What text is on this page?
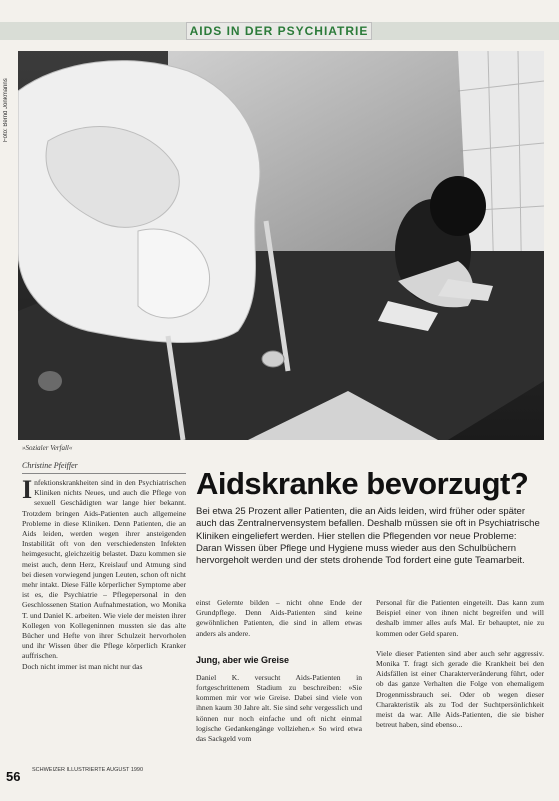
AIDS IN DER PSYCHIATRIE
Foto: Bernd Jonkmanns
»Sozialer Verfall«
Christine Pfeiffer
Aidskranke bevorzugt?
Bei etwa 25 Prozent aller Patienten, die an Aids leiden, wird früher oder später auch das Zentralnervensystem befallen. Deshalb müssen sie oft in Psychiatrische Kliniken eingeliefert werden. Hier stellen die Pflegenden vor neue Probleme: Daran Wissen über Pflege und Hygiene muss wieder aus den Schulbüchern hervorgeholt werden und der stets drohende Tod fordert eine gute Teamarbeit.

Infektionskrankheiten sind in den Psychiatrischen Kliniken nichts Neues, und auch die Pflege von sexuell Geschädigten war lange hier bekannt. Trotzdem bringen Aids-Patienten auch allgemeine Probleme in diese Kliniken. Denn Patienten, die an Aids leiden, werden wegen ihrer ansteigenden Instabilität oft von den verschiedensten Infekten heimgesucht, gleichzeitig belastet. Dazu kommen sie meist auch, denn Herz, Kreislauf und Atmung sind bei diesen vorwiegend jungen Leuten, schon oft nicht mehr intakt. Diese Fälle körperlicher Symptome aber ist es, die Psychiatrie – Pflegepersonal in den Geschlossenen Station Aufnahmestation, wo Monika T. und Daniel K. arbeiten. Wie viele der meisten ihrer Kollegen von Kollegeninnen mussten sie das alte Bücher und Hefte von ihrer Schulzeit hervorholen und ihr Wissen über die Pflege körperlich Kranker auffrischen.

Doch nicht immer ist man nicht nur das

einst Gelernte bilden – nicht ohne Ende der Grundpflege. Denn Aids-Patienten sind keine gewöhnlichen Patienten, die sind in allem etwas anders als andere.

Jung, aber wie Greise

Daniel K. versucht Aids-Patienten in fortgeschrittenem Stadium zu beschreiben: »Sie kommen mir vor wie Greise. Dabei sind viele von ihnen kaum 30 Jahre alt. Sie sind sehr vergesslich und können nur noch einfache und oft nicht einmal logische Gedankengänge vollziehen.« So wird etwa das Sackgeld vom

Personal für die Patienten eingeteilt. Das kann zum Beispiel einer von ihnen nicht begreifen und will deshalb immer alles aufs Mal. Er behauptet, nie zu kommen oder Geld sparen.

Viele dieser Patienten sind aber auch sehr aggressiv. Monika T. fragt sich gerade die Krankheit bei den Aidsfällen ist einer Charakterveränderung führt, oder ob das ganze Verhalten die Folge von ehemaligem Drogenmissbrauch sei. Oder ob wegen dieser Charakteristik als zu Tod der Suchtpersönlichkeit meist da war. Alle Aids-Patienten, die sie bisher betreut haben, sind ebenso...

56 SCHWEIZER ILLUSTRIERTE AUGUST 1990
